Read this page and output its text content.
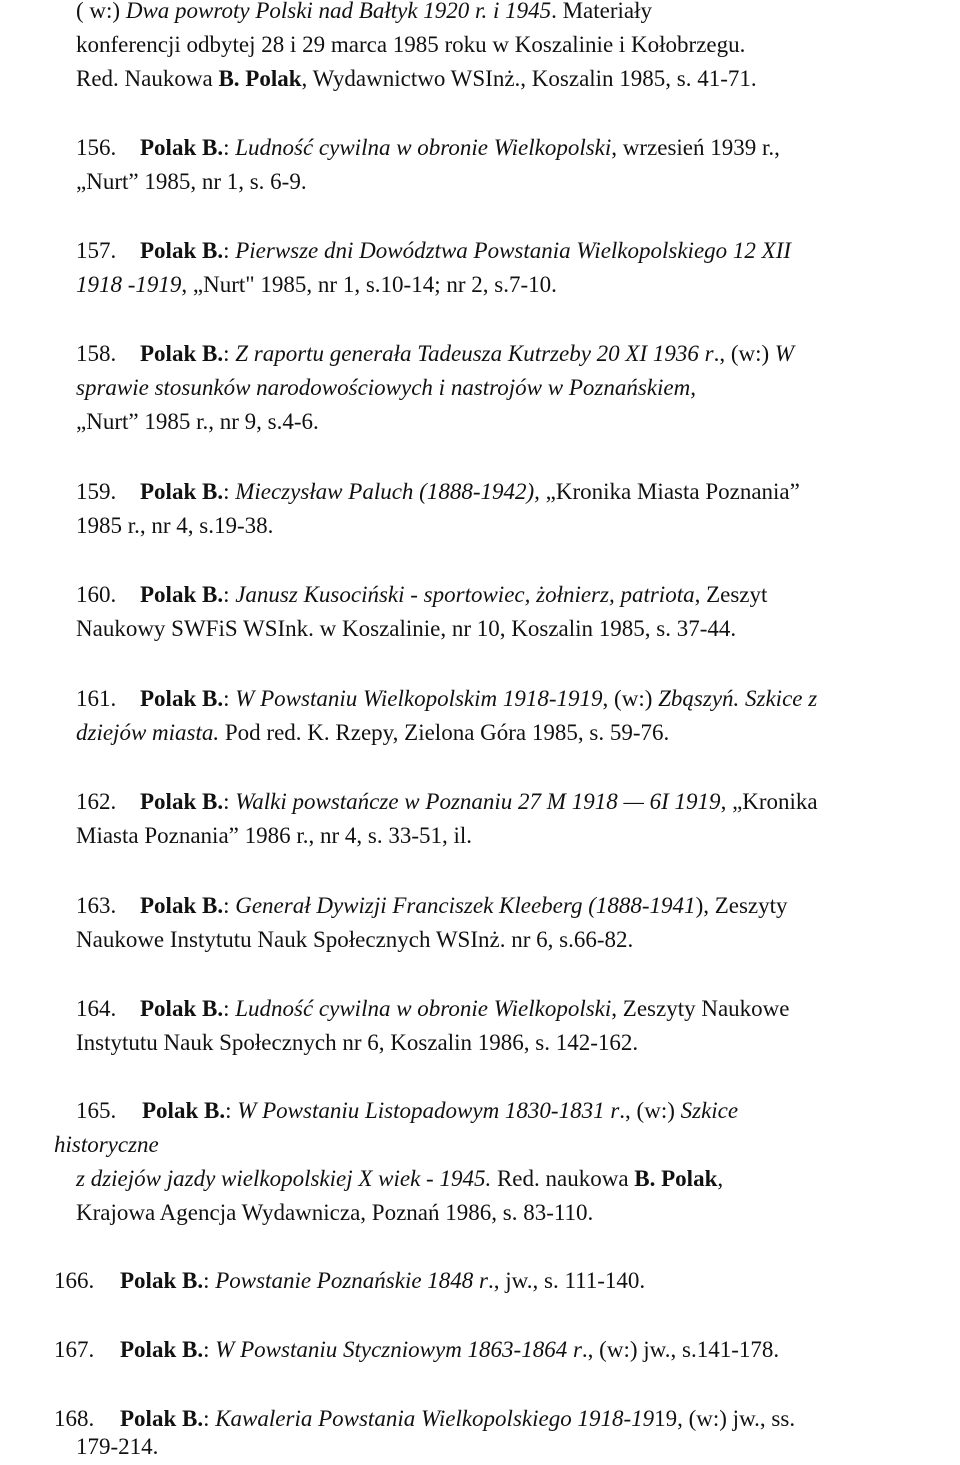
( w:) Dwa powroty Polski nad Bałtyk 1920 r. i 1945. Materiały
konferencji odbytej 28 i 29 marca 1985 roku w Koszalinie i Kołobrzegu.
Red. Naukowa B. Polak, Wydawnictwo WSInż., Koszalin 1985, s. 41-71.
156. Polak B.: Ludność cywilna w obronie Wielkopolski, wrzesień 1939 r.,
„Nurt” 1985, nr 1, s. 6-9.
157. Polak B.: Pierwsze dni Dowództwa Powstania Wielkopolskiego 12 XII
1918 -1919, „Nurt" 1985, nr 1, s.10-14; nr 2, s.7-10.
158. Polak B.: Z raportu generała Tadeusza Kutrzeby 20 XI 1936 r., (w:) W
sprawie stosunków narodowościowych i nastrojów w Poznańskiem,
„Nurt” 1985 r., nr 9, s.4-6.
159. Polak B.: Mieczysław Paluch (1888-1942), „Kronika Miasta Poznania”
1985 r., nr 4, s.19-38.
160. Polak B.: Janusz Kusociński - sportowiec, żołnierz, patriota, Zeszyt
Naukowy SWFiS WSInk. w Koszalinie, nr 10, Koszalin 1985, s. 37-44.
161. Polak B.: W Powstaniu Wielkopolskim 1918-1919, (w:) Zbąszyń. Szkice z
dziejów miasta. Pod red. K. Rzepy, Zielona Góra 1985, s. 59-76.
162. Polak B.: Walki powstańcze w Poznaniu 27 M 1918 — 6I 1919, „Kronika
Miasta Poznania” 1986 r., nr 4, s. 33-51, il.
163. Polak B.: Generał Dywizji Franciszek Kleeberg (1888-1941), Zeszyty
Naukowe Instytutu Nauk Społecznych WSInż. nr 6, s.66-82.
164. Polak B.: Ludność cywilna w obronie Wielkopolski, Zeszyty Naukowe
Instytutu Nauk Społecznych nr 6, Koszalin 1986, s. 142-162.
165. Polak B.: W Powstaniu Listopadowym 1830-1831 r., (w:) Szkice
historyczne
z dziejów jazdy wielkopolskiej X wiek - 1945. Red. naukowa B. Polak,
Krajowa Agencja Wydawnicza, Poznań 1986, s. 83-110.
166. Polak B.: Powstanie Poznańskie 1848 r., jw., s. 111-140.
167. Polak B.: W Powstaniu Styczniowym 1863-1864 r., (w:) jw., s.141-178.
168. Polak B.: Kawaleria Powstania Wielkopolskiego 1918-1919, (w:) jw., ss.
179-214.
